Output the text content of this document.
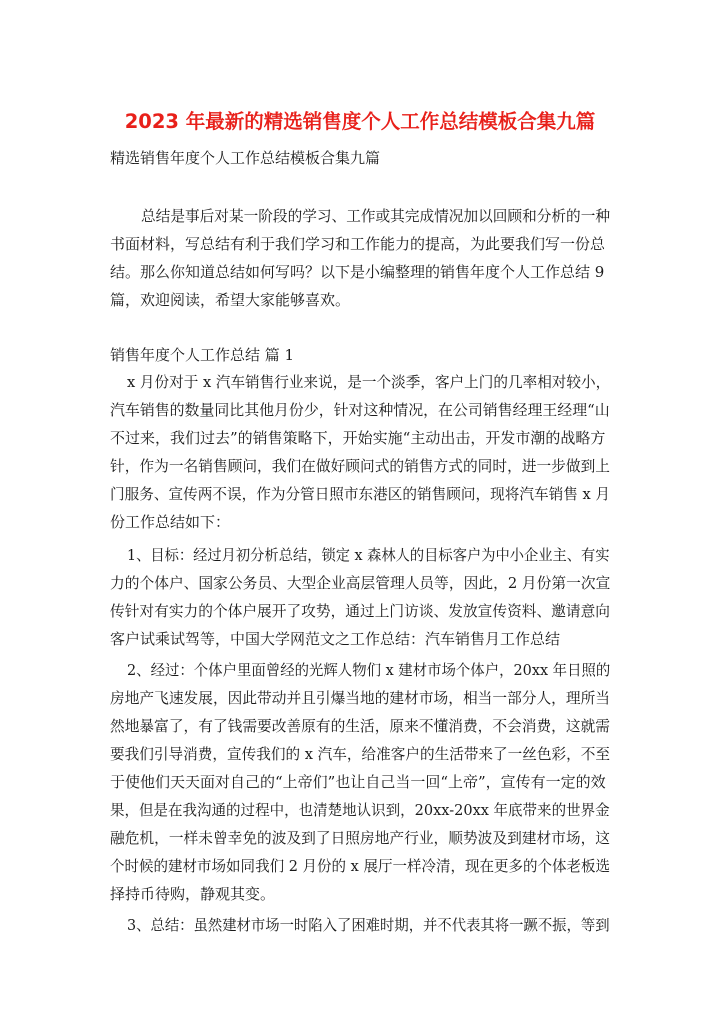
2023 年最新的精选销售度个人工作总结模板合集九篇
精选销售年度个人工作总结模板合集九篇
总结是事后对某一阶段的学习、工作或其完成情况加以回顾和分析的一种
书面材料，写总结有利于我们学习和工作能力的提高，为此要我们写一份总
结。那么你知道总结如何写吗？以下是小编整理的销售年度个人工作总结 9
篇，欢迎阅读，希望大家能够喜欢。
销售年度个人工作总结 篇 1
x 月份对于 x 汽车销售行业来说，是一个淡季，客户上门的几率相对较小，
汽车销售的数量同比其他月份少，针对这种情况，在公司销售经理王经理“山
不过来，我们过去”的销售策略下，开始实施“主动出击，开发市潮的战略方
针，作为一名销售顾问，我们在做好顾问式的销售方式的同时，进一步做到上
门服务、宣传两不误，作为分管日照市东港区的销售顾问，现将汽车销售 x 月
份工作总结如下：
1、目标：经过月初分析总结，锁定 x 森林人的目标客户为中小企业主、有实
力的个体户、国家公务员、大型企业高层管理人员等，因此，2 月份第一次宣
传针对有实力的个体户展开了攻势，通过上门访谈、发放宣传资料、邀请意向
客户试乘试驾等，中国大学网范文之工作总结：汽车销售月工作总结
2、经过：个体户里面曾经的光辉人物们 x 建材市场个体户，20xx 年日照的
房地产飞速发展，因此带动并且引爆当地的建材市场，相当一部分人，理所当
然地暴富了，有了钱需要改善原有的生活，原来不懂消费，不会消费，这就需
要我们引导消费，宣传我们的 x 汽车，给准客户的生活带来了一丝色彩，不至
于使他们天天面对自己的“上帝们”也让自己当一回“上帝”，宣传有一定的效
果，但是在我沟通的过程中，也清楚地认识到，20xx-20xx 年底带来的世界金
融危机，一样未曾幸免的波及到了日照房地产行业，顺势波及到建材市场，这
个时候的建材市场如同我们 2 月份的 x 展厅一样冷清，现在更多的个体老板选
择持币待购，静观其变。
3、总结：虽然建材市场一时陷入了困难时期，并不代表其将一蹶不振，等到
